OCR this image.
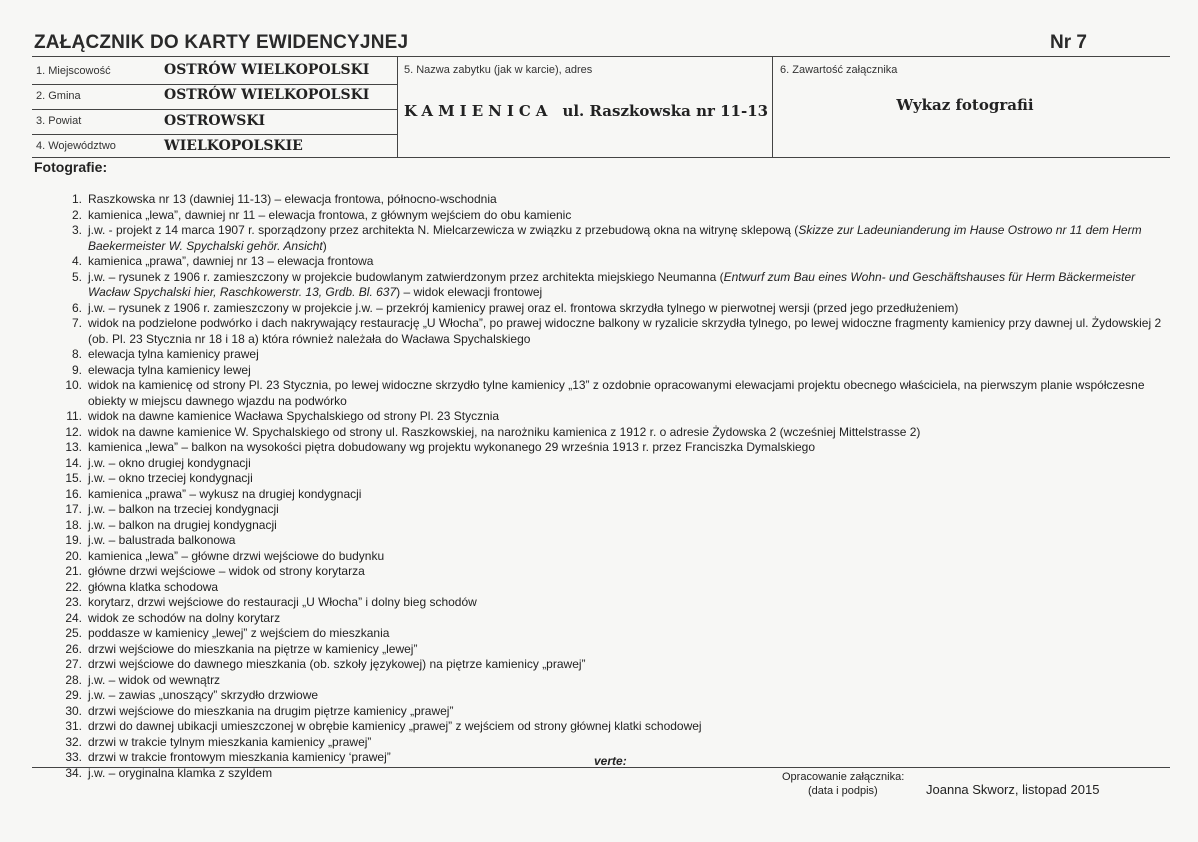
ZAŁĄCZNIK DO KARTY EWIDENCYJNEJ	Nr 7
1. Miejscowość	OSTRÓW WIELKOPOLSKI
2. Gmina	OSTRÓW WIELKOPOLSKI
3. Powiat	OSTROWSKI
4. Województwo	WIELKOPOLSKIE
5. Nazwa zabytku (jak w karcie), adres
KAMIENICA ul. Raszkowska nr 11-13
6. Zawartość załącznika
Wykaz fotografii
Fotografie:
1. Raszkowska nr 13 (dawniej 11-13) – elewacja frontowa, północno-wschodnia
2. kamienica „lewa”, dawniej nr 11 – elewacja frontowa, z głównym wejściem do obu kamienic
3. j.w. - projekt z 14 marca 1907 r. sporządzony przez architekta N. Mielcarzewicza w związku z przebudową okna na witrynę sklepową (Skizze zur Ladeunianderung im Hause Ostrowo nr 11 dem Herm Baekermeister W. Spychalski gehör. Ansicht)
4. kamienica „prawa”, dawniej nr 13 – elewacja frontowa
5. j.w. – rysunek z 1906 r. zamieszczony w projekcie budowlanym zatwierdzonym przez architekta miejskiego Neumanna (Entwurf zum Bau eines Wohn- und Geschäftshauses für Herm Bäckermeister Wacław Spychalski hier, Raschkowerstr. 13, Grdb. Bl. 637) – widok elewacji frontowej
6. j.w. – rysunek z 1906 r. zamieszczony w projekcie j.w. – przekrój kamienicy prawej oraz el. frontowa skrzydła tylnego w pierwotnej wersji (przed jego przedłużeniem)
7. widok na podzielone podwórko i dach nakrywający restaurację „U Włocha”, po prawej widoczne balkony w ryzalicie skrzydła tylnego, po lewej widoczne fragmenty kamienicy przy dawnej ul. Żydowskiej 2 (ob. Pl. 23 Stycznia nr 18 i 18 a) która również należała do Wacława Spychalskiego
8. elewacja tylna kamienicy prawej
9. elewacja tylna kamienicy lewej
10. widok na kamienicę od strony Pl. 23 Stycznia, po lewej widoczne skrzydło tylne kamienicy „13” z ozdobnie opracowanymi elewacjami projektu obecnego właściciela, na pierwszym planie współczesne obiekty w miejscu dawnego wjazdu na podwórko
11. widok na dawne kamienice Wacława Spychalskiego od strony Pl. 23 Stycznia
12. widok na dawne kamienice W. Spychalskiego od strony ul. Raszkowskiej, na narożniku kamienica z 1912 r. o adresie Żydowska 2 (wcześniej Mittelstrasse 2)
13. kamienica „lewa” – balkon na wysokości piętra dobudowany wg projektu wykonanego 29 września 1913 r. przez Franciszka Dymalskiego
14. j.w. – okno drugiej kondygnacji
15. j.w. – okno trzeciej kondygnacji
16. kamienica „prawa” – wykusz na drugiej kondygnacji
17. j.w. – balkon na trzeciej kondygnacji
18. j.w. – balkon na drugiej kondygnacji
19. j.w. – balustrada balkonowa
20. kamienica „lewa” – główne drzwi wejściowe do budynku
21. główne drzwi wejściowe – widok od strony korytarza
22. główna klatka schodowa
23. korytarz, drzwi wejściowe do restauracji „U Włocha” i dolny bieg schodów
24. widok ze schodów na dolny korytarz
25. poddasze w kamienicy „lewej” z wejściem do mieszkania
26. drzwi wejściowe do mieszkania na piętrze w kamienicy „lewej”
27. drzwi wejściowe do dawnego mieszkania (ob. szkoły językowej) na piętrze kamienicy „prawej”
28. j.w. – widok od wewnątrz
29. j.w. – zawias „unoszący” skrzydło drzwiowe
30. drzwi wejściowe do mieszkania na drugim piętrze kamienicy „prawej”
31. drzwi do dawnej ubikacji umieszczonej w obrębie kamienicy „prawej” z wejściem od strony głównej klatki schodowej
32. drzwi w trakcie tylnym mieszkania kamienicy „prawej”
33. drzwi w trakcie frontowym mieszkania kamienicy ‘prawej”
34. j.w. – oryginalna klamka z szyldem
verte:
Opracowanie załącznika:
(data i podpis)	Joanna Skworz, listopad 2015
